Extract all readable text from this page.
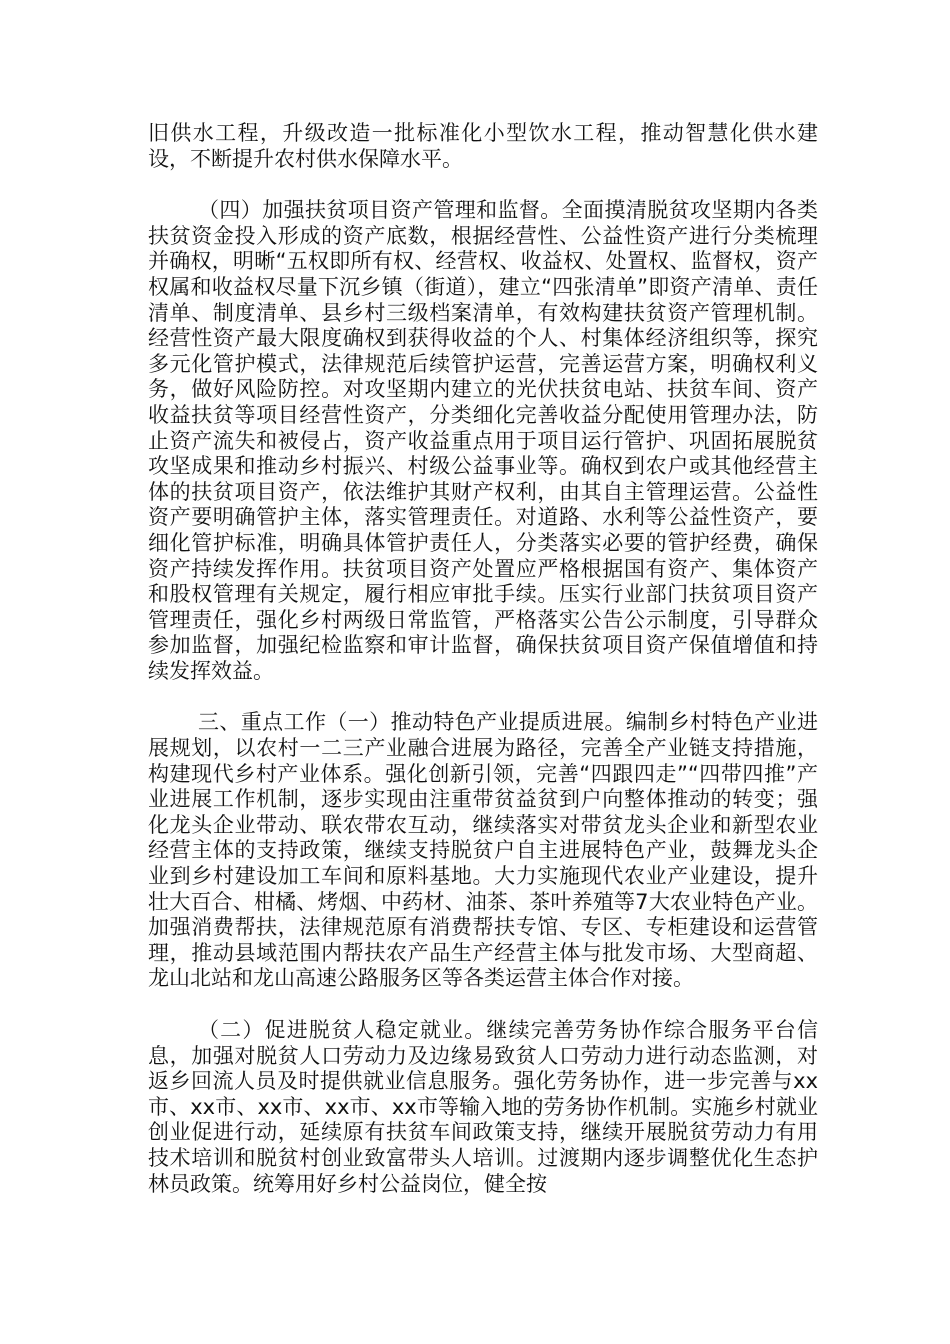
旧供水工程，升级改造一批标准化小型饮水工程，推动智慧化供水建设，不断提升农村供水保障水平。

（四）加强扶贫项目资产管理和监督。全面摸清脱贫攻坚期内各类扶贫资金投入形成的资产底数，根据经营性、公益性资产进行分类梳理并确权，明晰“五权即所有权、经营权、收益权、处置权、监督权，资产权属和收益权尽量下沉乡镇（街道），建立“四张清单”即资产清单、责任清单、制度清单、县乡村三级档案清单，有效构建扶贫资产管理机制。经营性资产最大限度确权到获得收益的个人、村集体经济组织等，探究多元化管护模式，法律规范后续管护运营，完善运营方案，明确权利义务，做好风险防控。对攻坚期内建立的光伏扶贫电站、扶贫车间、资产收益扶贫等项目经营性资产，分类细化完善收益分配使用管理办法，防止资产流失和被侵占，资产收益重点用于项目运行管护、巩固拓展脱贫攻坚成果和推动乡村振兴、村级公益事业等。确权到农户或其他经营主体的扶贫项目资产，依法维护其财产权利，由其自主管理运营。公益性资产要明确管护主体，落实管理责任。对道路、水利等公益性资产，要细化管护标准，明确具体管护责任人，分类落实必要的管护经费，确保资产持续发挥作用。扶贫项目资产处置应严格根据国有资产、集体资产和股权管理有关规定，履行相应审批手续。压实行业部门扶贫项目资产管理责任，强化乡村两级日常监管，严格落实公告公示制度，引导群众参加监督，加强纪检监察和审计监督，确保扶贫项目资产保值增值和持续发挥效益。

三、重点工作（一）推动特色产业提质进展。编制乡村特色产业进展规划，以农村一二三产业融合进展为路径，完善全产业链支持措施，构建现代乡村产业体系。强化创新引领，完善“四跟四走”“四带四推”产业进展工作机制，逐步实现由注重带贫益贫到户向整体推动的转变；强化龙头企业带动、联农带农互动，继续落实对带贫龙头企业和新型农业经营主体的支持政策，继续支持脱贫户自主进展特色产业，鼓舞龙头企业到乡村建设加工车间和原料基地。大力实施现代农业产业建设，提升壮大百合、柑橘、烤烟、中药材、油茶、茶叶养殖等7大农业特色产业。加强消费帮扶，法律规范原有消费帮扶专馆、专区、专柜建设和运营管理，推动县域范围内帮扶农产品生产经营主体与批发市场、大型商超、龙山北站和龙山高速公路服务区等各类运营主体合作对接。

（二）促进脱贫人稳定就业。继续完善劳务协作综合服务平台信息，加强对脱贫人口劳动力及边缘易致贫人口劳动力进行动态监测，对返乡回流人员及时提供就业信息服务。强化劳务协作，进一步完善与xx市、xx市、xx市、xx市、xx市等输入地的劳务协作机制。实施乡村就业创业促进行动，延续原有扶贫车间政策支持，继续开展脱贫劳动力有用技术培训和脱贫村创业致富带头人培训。过渡期内逐步调整优化生态护林员政策。统筹用好乡村公益岗位，健全按
